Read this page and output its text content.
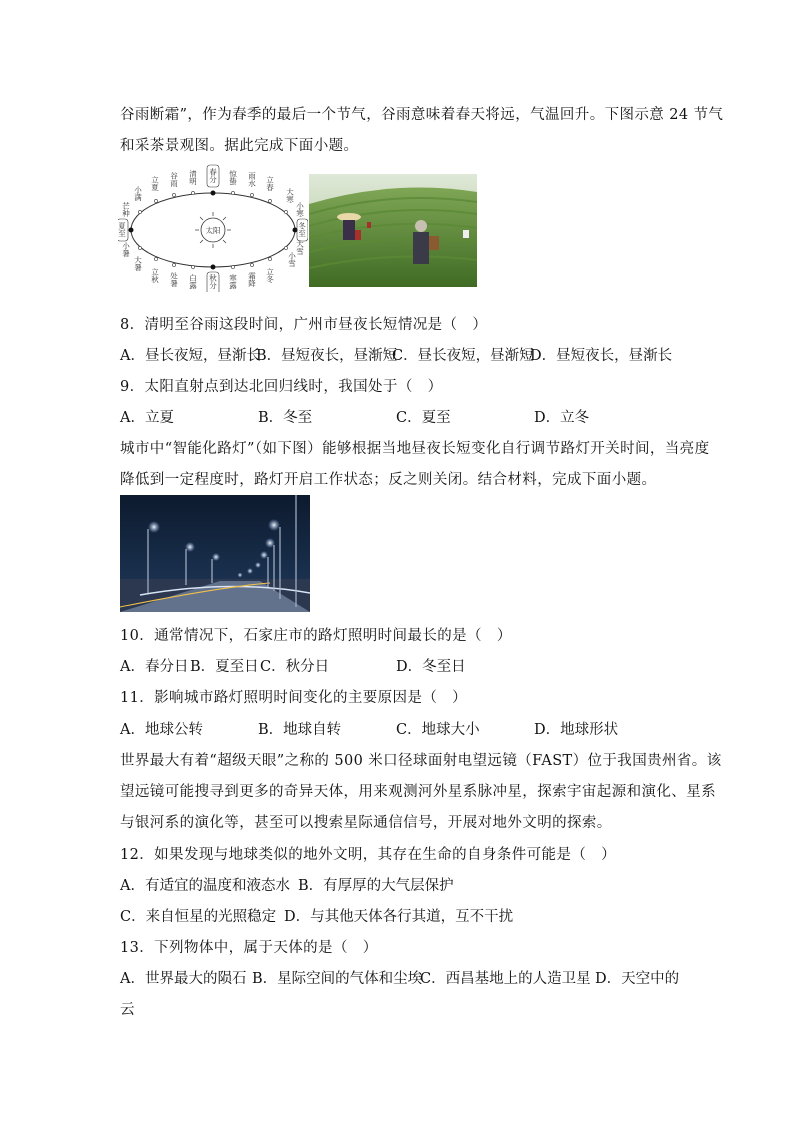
谷雨断霜”，作为春季的最后一个节气，谷雨意味着春天将远，气温回升。下图示意 24 节气
和采茶景观图。据此完成下面小题。
太阳
立夏 谷雨 清明 春分 惊蛰 雨水 立春
大寒
小寒
冬至
大雪
小雪
立冬
霜降
寒露
秋分
白露
处暑
立秋
大暑
小暑
夏至
芒种
小满
8．清明至谷雨这段时间，广州市昼夜长短情况是（　）
A．昼长夜短，昼渐长
B．昼短夜长，昼渐短
C．昼长夜短，昼渐短
D．昼短夜长，昼渐长
9．太阳直射点到达北回归线时，我国处于（　）
A．立夏	B．冬至	C．夏至	D．立冬
城市中“智能化路灯”（如下图）能够根据当地昼夜长短变化自行调节路灯开关时间，当亮度
降低到一定程度时，路灯开启工作状态；反之则关闭。结合材料，完成下面小题。
10．通常情况下，石家庄市的路灯照明时间最长的是（　）
A．春分日 B．夏至日 C．秋分日	D．冬至日
11．影响城市路灯照明时间变化的主要原因是（　）
A．地球公转	B．地球自转	C．地球大小	D．地球形状
世界最大有着“超级天眼”之称的 500 米口径球面射电望远镜（FAST）位于我国贵州省。该
望远镜可能搜寻到更多的奇异天体，用来观测河外星系脉冲星，探索宇宙起源和演化、星系
与银河系的演化等，甚至可以搜索星际通信信号，开展对地外文明的探索。
12．如果发现与地球类似的地外文明，其存在生命的自身条件可能是（　）
A．有适宜的温度和液态水 B．有厚厚的大气层保护
C．来自恒星的光照稳定 D．与其他天体各行其道，互不干扰
13．下列物体中，属于天体的是（　）
A．世界最大的陨石 B．星际空间的气体和尘埃
C．西昌基地上的人造卫星 D．天空中的
云
